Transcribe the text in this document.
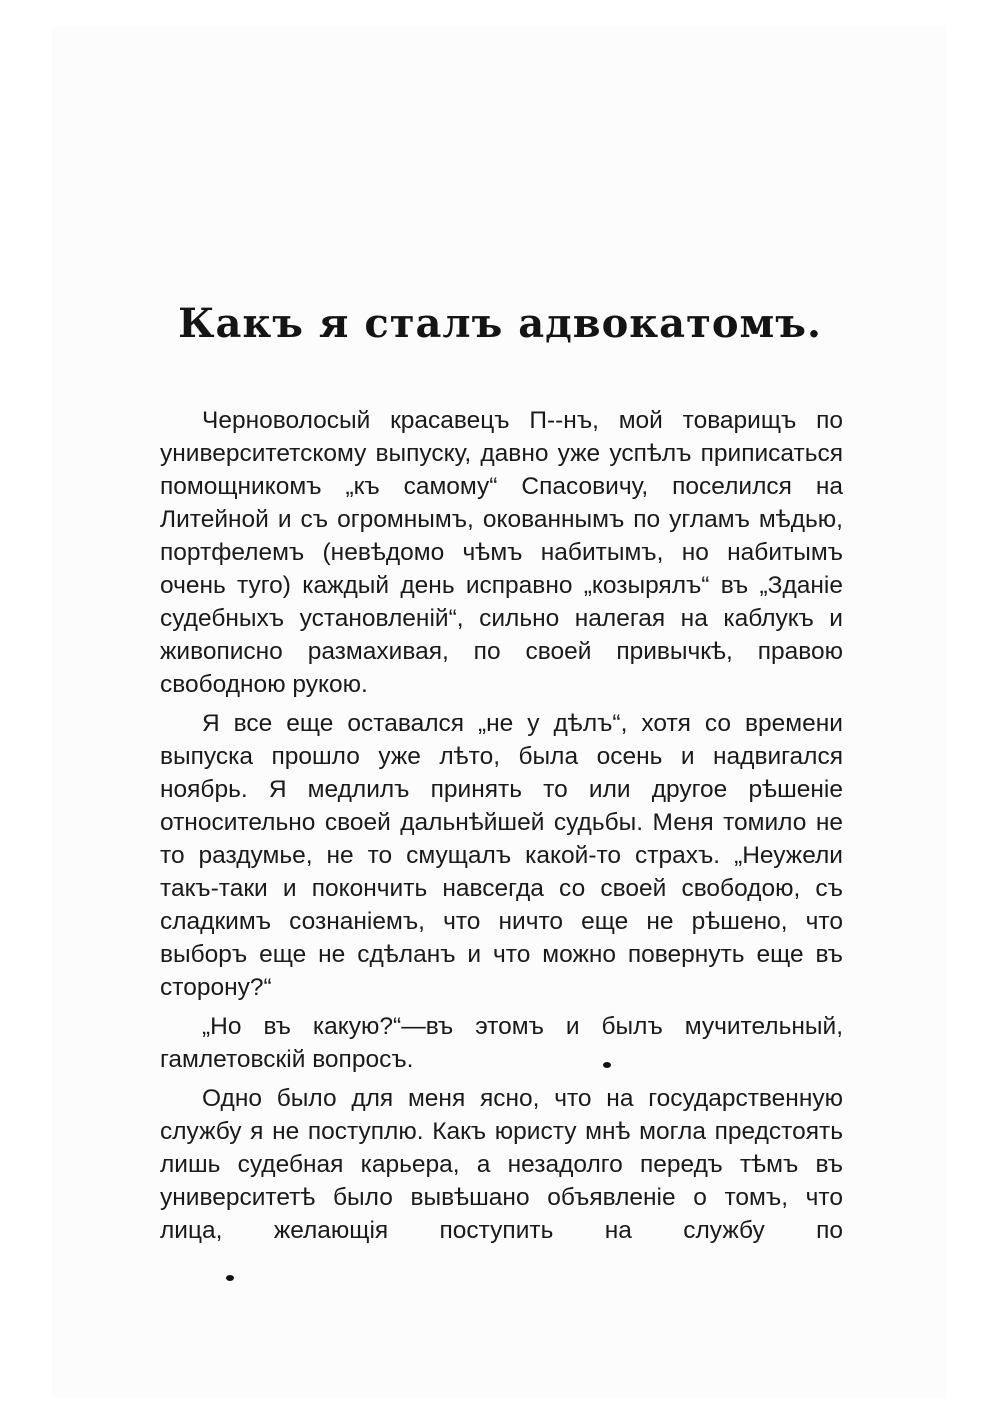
Какъ я сталъ адвокатомъ.

Черноволосый красавецъ П--нъ, мой товарищъ по университетскому выпуску, давно уже успѣлъ приписаться помощникомъ „къ самому“ Спасовичу, поселился на Литейной и съ огромнымъ, окованнымъ по угламъ мѣдью, портфелемъ (невѣдомо чѣмъ набитымъ, но набитымъ очень туго) каждый день исправно „козырялъ“ въ „Зданіе судебныхъ установленій“, сильно налегая на каблукъ и живописно размахивая, по своей привычкѣ, правою свободною рукою.

Я все еще оставался „не у дѣлъ“, хотя со времени выпуска прошло уже лѣто, была осень и надвигался ноябрь. Я медлилъ принять то или другое рѣшеніе относительно своей дальнѣйшей судьбы. Меня томило не то раздумье, не то смущалъ какой-то страхъ. „Неужели такъ-таки и покончить навсегда со своей свободою, съ сладкимъ сознаніемъ, что ничто еще не рѣшено, что выборъ еще не сдѣланъ и что можно повернуть еще въ сторону?“

„Но въ какую?“—въ этомъ и былъ мучительный, гамлетовскій вопросъ.

Одно было для меня ясно, что на государственную службу я не поступлю. Какъ юристу мнѣ могла предстоять лишь судебная карьера, а незадолго передъ тѣмъ въ университетѣ было вывѣшано объявленіе о томъ, что лица, желающія поступить на службу по
